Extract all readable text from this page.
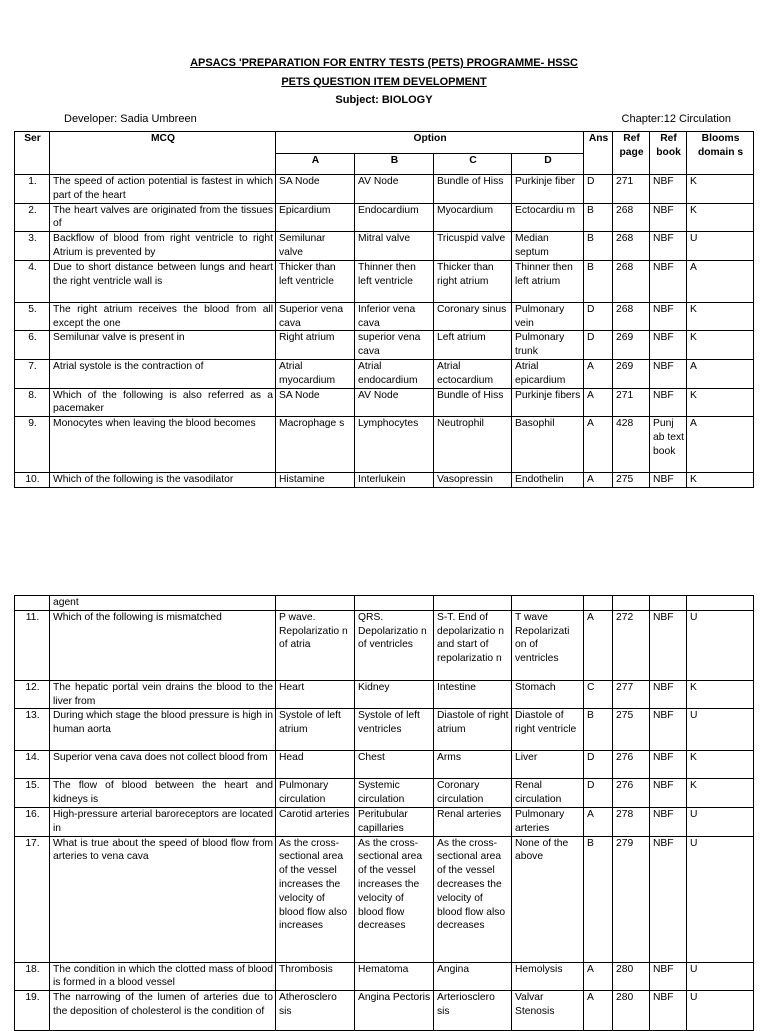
APSACS 'PREPARATION FOR ENTRY TESTS (PETS) PROGRAMME- HSSC
PETS QUESTION ITEM DEVELOPMENT
Subject: BIOLOGY
Developer: Sadia Umbreen	Chapter:12 Circulation
Ser	MCQ	Option				Ans	Ref page	Ref book	Blooms domain s
		A	B	C	D				
1.	The speed of action potential is fastest in which part of the heart	SA Node	AV Node	Bundle of Hiss	Purkinje fiber	D	271	NBF	K
2.	The heart valves are originated from the tissues of	Epicardium	Endocardium	Myocardium	Ectocardiu m	B	268	NBF	K
3.	Backflow of blood from right ventricle to right Atrium is prevented by	Semilunar valve	Mitral valve	Tricuspid valve	Median septum	B	268	NBF	U
4.	Due to short distance between lungs and heart the right ventricle wall is	Thicker than left ventricle	Thinner then left ventricle	Thicker than right atrium	Thinner then left atrium	B	268	NBF	A
5.	The right atrium receives the blood from all except the one	Superior vena cava	Inferior vena cava	Coronary sinus	Pulmonary vein	D	268	NBF	K
6.	Semilunar valve is present in	Right atrium	superior vena cava	Left atrium	Pulmonary trunk	D	269	NBF	K
7.	Atrial systole is the contraction of	Atrial myocardium	Atrial endocardium	Atrial ectocardium	Atrial epicardium	A	269	NBF	A
8.	Which of the following is also referred as a pacemaker	SA Node	AV Node	Bundle of Hiss	Purkinje fibers	A	271	NBF	K
9.	Monocytes when leaving the blood becomes	Macrophage s	Lymphocytes	Neutrophil	Basophil	A	428	Punj ab text book	A
10.	Which of the following is the vasodilator	Histamine	Interlukein	Vasopressin	Endothelin	A	275	NBF	K
	agent								
11.	Which of the following is mismatched	P wave. Repolarizatio n of atria	QRS. Depolarizatio n of ventricles	S-T. End of depolarizatio n and start of repolarizatio n	T wave Repolarizati on of ventricles	A	272	NBF	U
12.	The hepatic portal vein drains the blood to the liver from	Heart	Kidney	Intestine	Stomach	C	277	NBF	K
13.	During which stage the blood pressure is high in human aorta	Systole of left atrium	Systole of left ventricles	Diastole of right atrium	Diastole of right ventricle	B	275	NBF	U
14.	Superior vena cava does not collect blood from	Head	Chest	Arms	Liver	D	276	NBF	K
15.	The flow of blood between the heart and kidneys is	Pulmonary circulation	Systemic circulation	Coronary circulation	Renal circulation	D	276	NBF	K
16.	High-pressure arterial baroreceptors are located in	Carotid arteries	Peritubular capillaries	Renal arteries	Pulmonary arteries	A	278	NBF	U
17.	What is true about the speed of blood flow from arteries to vena cava	As the cross-sectional area of the vessel increases the velocity of blood flow also increases	As the cross-sectional area of the vessel increases the velocity of blood flow decreases	As the cross-sectional area of the vessel decreases the velocity of blood flow also decreases	None of the above	B	279	NBF	U
18.	The condition in which the clotted mass of blood is formed in a blood vessel	Thrombosis	Hematoma	Angina	Hemolysis	A	280	NBF	U
19.	The narrowing of the lumen of arteries due to the deposition of cholesterol is the condition of	Atherosclero sis	Angina Pectoris	Arteriosclero sis	Valvar Stenosis	A	280	NBF	U
